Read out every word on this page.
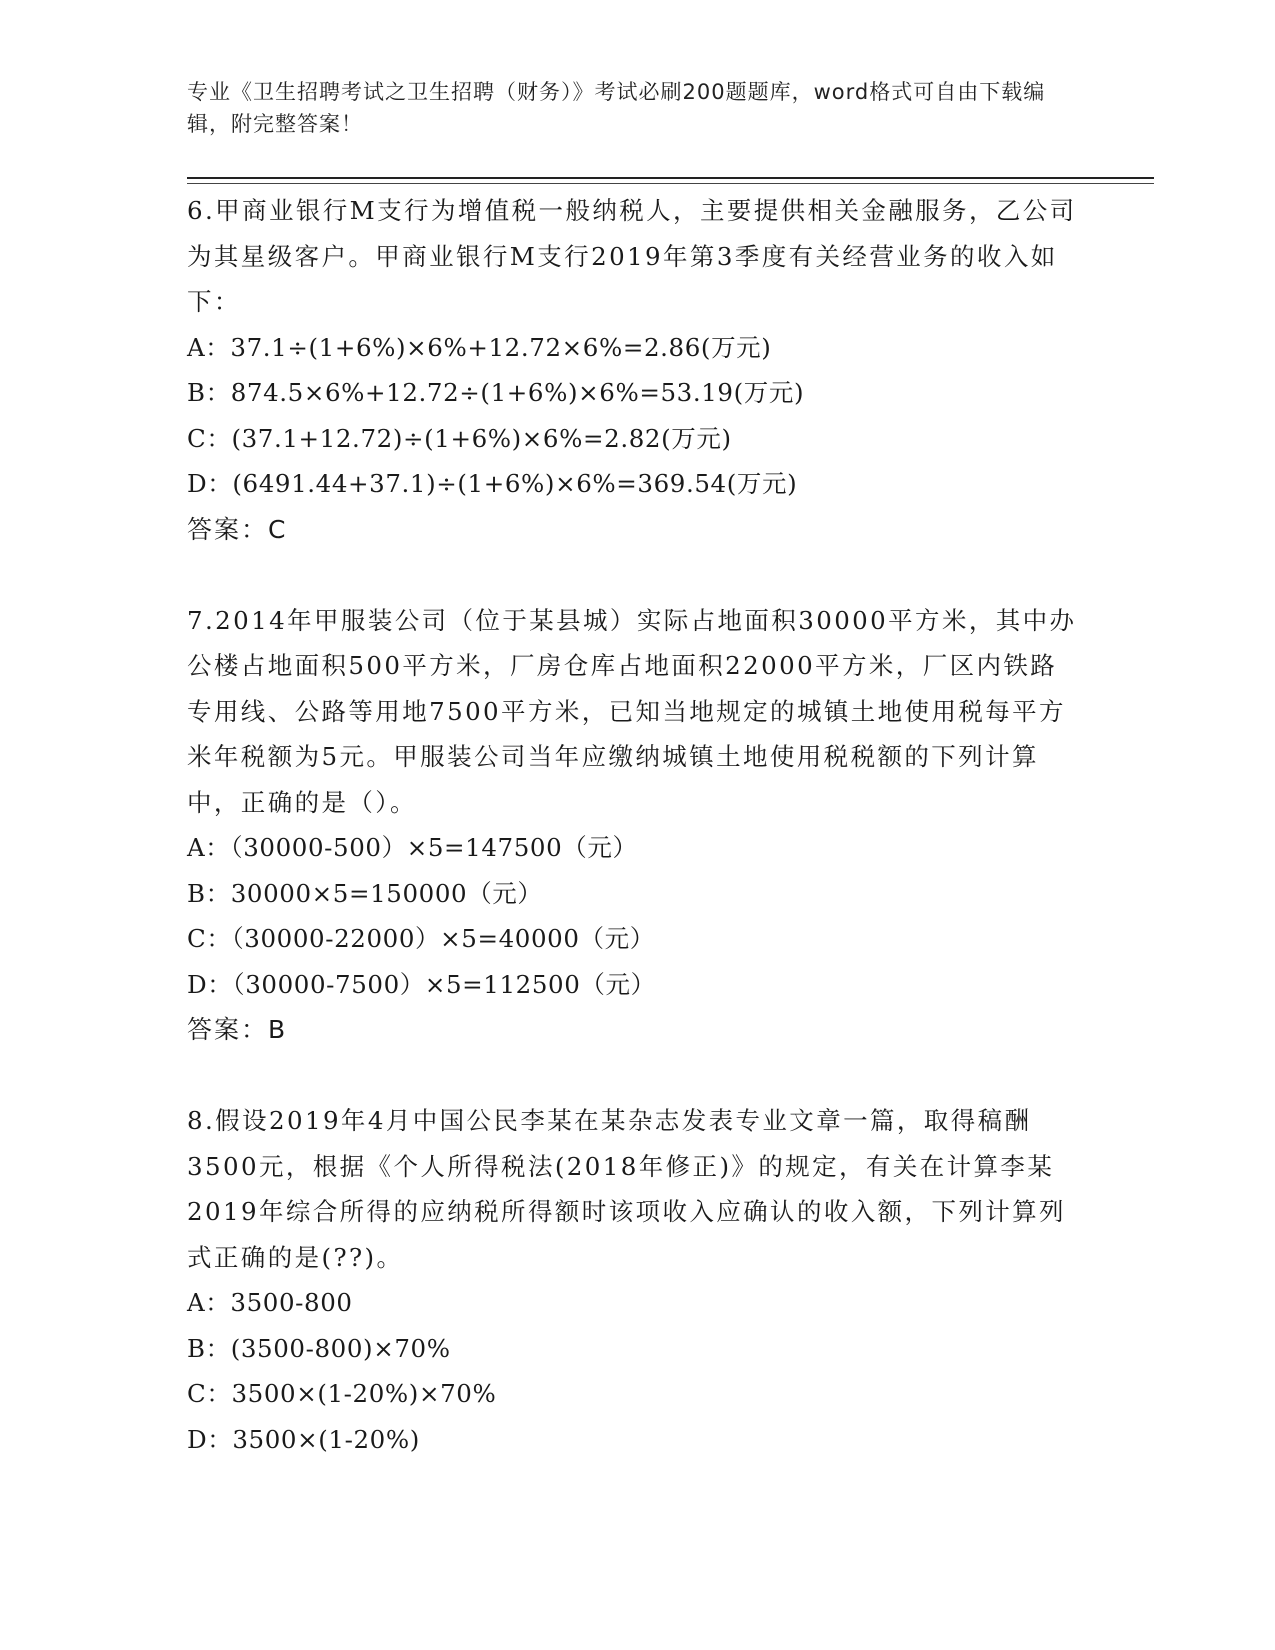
专业《卫生招聘考试之卫生招聘（财务）》考试必刷200题题库，word格式可自由下载编辑，附完整答案！
6.甲商业银行M支行为增值税一般纳税人，主要提供相关金融服务，乙公司为其星级客户。甲商业银行M支行2019年第3季度有关经营业务的收入如下：
A：37.1÷(1+6%)×6%+12.72×6%=2.86(万元)
B：874.5×6%+12.72÷(1+6%)×6%=53.19(万元)
C：(37.1+12.72)÷(1+6%)×6%=2.82(万元)
D：(6491.44+37.1)÷(1+6%)×6%=369.54(万元)
答案：C
7.2014年甲服装公司（位于某县城）实际占地面积30000平方米，其中办公楼占地面积500平方米，厂房仓库占地面积22000平方米，厂区内铁路专用线、公路等用地7500平方米，已知当地规定的城镇土地使用税每平方米年税额为5元。甲服装公司当年应缴纳城镇土地使用税税额的下列计算中，正确的是（）。
A：（30000-500）×5=147500（元）
B：30000×5=150000（元）
C：（30000-22000）×5=40000（元）
D：（30000-7500）×5=112500（元）
答案：B
8.假设2019年4月中国公民李某在某杂志发表专业文章一篇，取得稿酬3500元，根据《个人所得税法(2018年修正)》的规定，有关在计算李某2019年综合所得的应纳税所得额时该项收入应确认的收入额，下列计算列式正确的是(??)。
A：3500-800
B：(3500-800)×70%
C：3500×(1-20%)×70%
D：3500×(1-20%)
